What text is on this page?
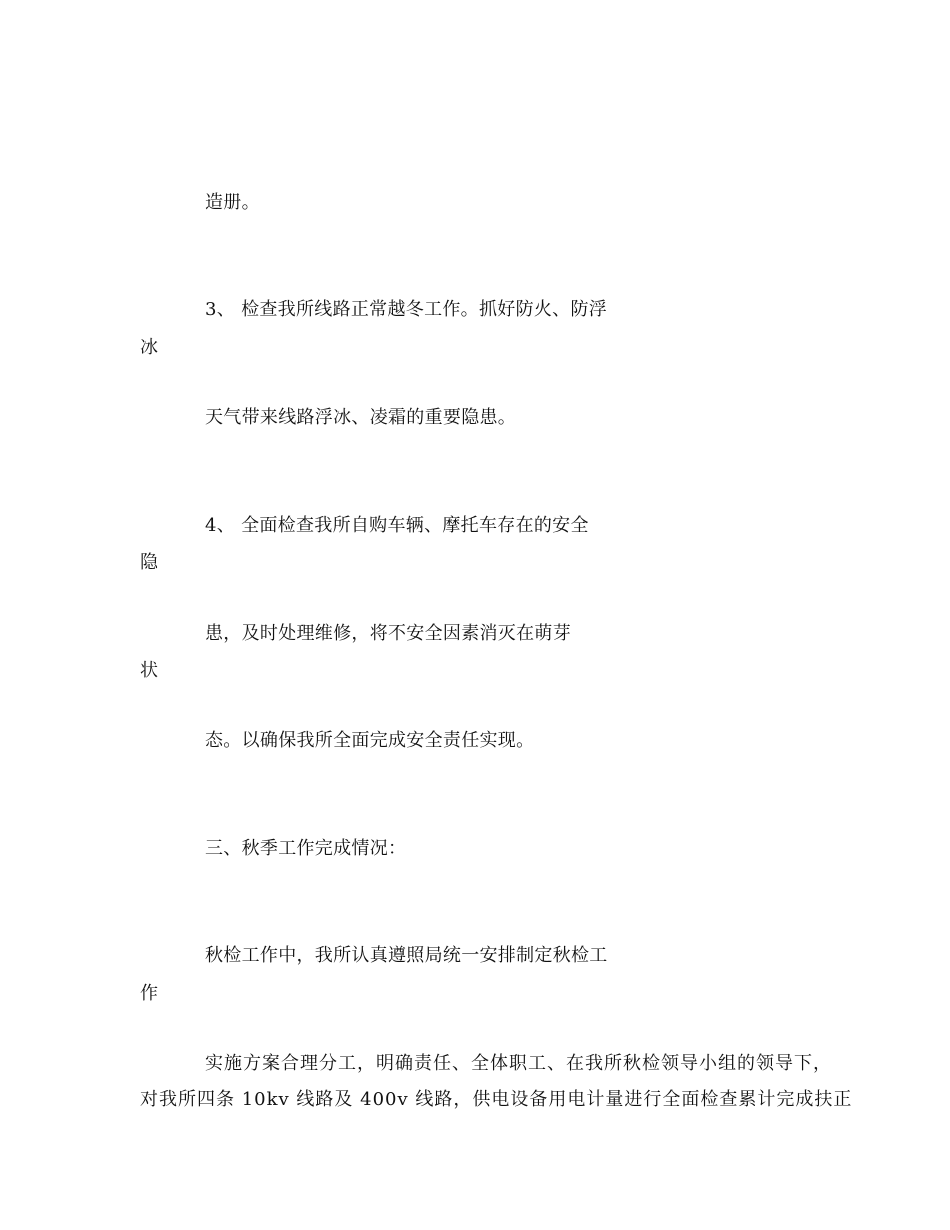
造册。

3、 检查我所线路正常越冬工作。抓好防火、防浮

冰

天气带来线路浮冰、凌霜的重要隐患。

4、 全面检查我所自购车辆、摩托车存在的安全

隐

患，及时处理维修，将不安全因素消灭在萌芽

状

态。以确保我所全面完成安全责任实现。

三、秋季工作完成情况：

秋检工作中，我所认真遵照局统一安排制定秋检工

作

实施方案合理分工，明确责任、全体职工、在我所秋检领导小组的领导下，

对我所四条 10kv 线路及 400v 线路，供电设备用电计量进行全面检查累计完成扶正
